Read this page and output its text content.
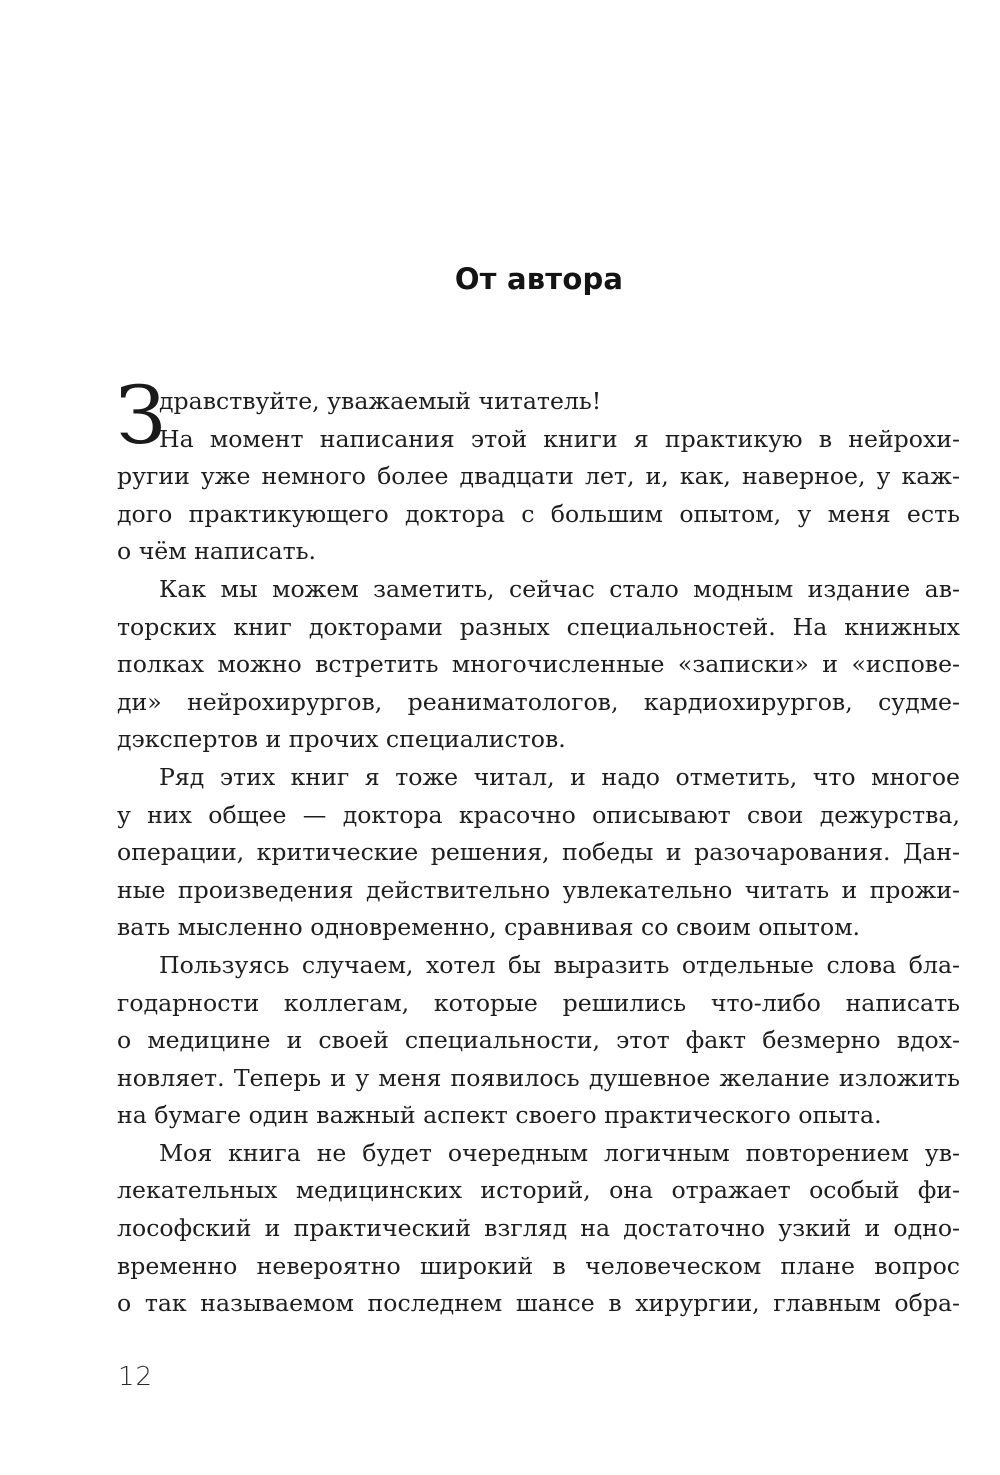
От автора
З
дравствуйте, уважаемый читатель!
На момент написания этой книги я практикую в нейрохи-
ругии уже немного более двадцати лет, и, как, наверное, у каж-
дого практикующего доктора с большим опытом, у меня есть
о чём написать.
Как мы можем заметить, сейчас стало модным издание ав-
торских книг докторами разных специальностей. На книжных
полках можно встретить многочисленные «записки» и «испове-
ди» нейрохирургов, реаниматологов, кардиохирургов, судме-
дэкспертов и прочих специалистов.
Ряд этих книг я тоже читал, и надо отметить, что многое
у них общее — доктора красочно описывают свои дежурства,
операции, критические решения, победы и разочарования. Дан-
ные произведения действительно увлекательно читать и прожи-
вать мысленно одновременно, сравнивая со своим опытом.
Пользуясь случаем, хотел бы выразить отдельные слова бла-
годарности коллегам, которые решились что-либо написать
о медицине и своей специальности, этот факт безмерно вдох-
новляет. Теперь и у меня появилось душевное желание изложить
на бумаге один важный аспект своего практического опыта.
Моя книга не будет очередным логичным повторением ув-
лекательных медицинских историй, она отражает особый фи-
лософский и практический взгляд на достаточно узкий и одно-
временно невероятно широкий в человеческом плане вопрос
о так называемом последнем шансе в хирургии, главным обра-
12
